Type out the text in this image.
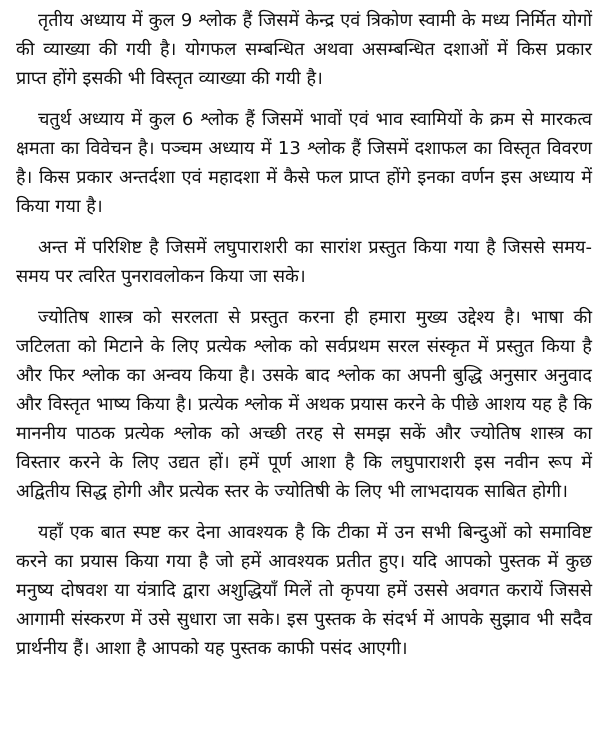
तृतीय अध्याय में कुल 9 श्लोक हैं जिसमें केन्द्र एवं त्रिकोण स्वामी के मध्य निर्मित योगों की व्याख्या की गयी है। योगफल सम्बन्धित अथवा असम्बन्धित दशाओं में किस प्रकार प्राप्त होंगे इसकी भी विस्तृत व्याख्या की गयी है।

चतुर्थ अध्याय में कुल 6 श्लोक हैं जिसमें भावों एवं भाव स्वामियों के क्रम से मारकत्व क्षमता का विवेचन है। पञ्चम अध्याय में 13 श्लोक हैं जिसमें दशाफल का विस्तृत विवरण है। किस प्रकार अन्तर्दशा एवं महादशा में कैसे फल प्राप्त होंगे इनका वर्णन इस अध्याय में किया गया है।

अन्त में परिशिष्ट है जिसमें लघुपाराशरी का सारांश प्रस्तुत किया गया है जिससे समय-समय पर त्वरित पुनरावलोकन किया जा सके।

ज्योतिष शास्त्र को सरलता से प्रस्तुत करना ही हमारा मुख्य उद्देश्य है। भाषा की जटिलता को मिटाने के लिए प्रत्येक श्लोक को सर्वप्रथम सरल संस्कृत में प्रस्तुत किया है और फिर श्लोक का अन्वय किया है। उसके बाद श्लोक का अपनी बुद्धि अनुसार अनुवाद और विस्तृत भाष्य किया है। प्रत्येक श्लोक में अथक प्रयास करने के पीछे आशय यह है कि माननीय पाठक प्रत्येक श्लोक को अच्छी तरह से समझ सकें और ज्योतिष शास्त्र का विस्तार करने के लिए उद्यत हों। हमें पूर्ण आशा है कि लघुपाराशरी इस नवीन रूप में अद्वितीय सिद्ध होगी और प्रत्येक स्तर के ज्योतिषी के लिए भी लाभदायक साबित होगी।

यहाँ एक बात स्पष्ट कर देना आवश्यक है कि टीका में उन सभी बिन्दुओं को समाविष्ट करने का प्रयास किया गया है जो हमें आवश्यक प्रतीत हुए। यदि आपको पुस्तक में कुछ मनुष्य दोषवश या यंत्रादि द्वारा अशुद्धियाँ मिलें तो कृपया हमें उससे अवगत करायें जिससे आगामी संस्करण में उसे सुधारा जा सके। इस पुस्तक के संदर्भ में आपके सुझाव भी सदैव प्रार्थनीय हैं। आशा है आपको यह पुस्तक काफी पसंद आएगी।
